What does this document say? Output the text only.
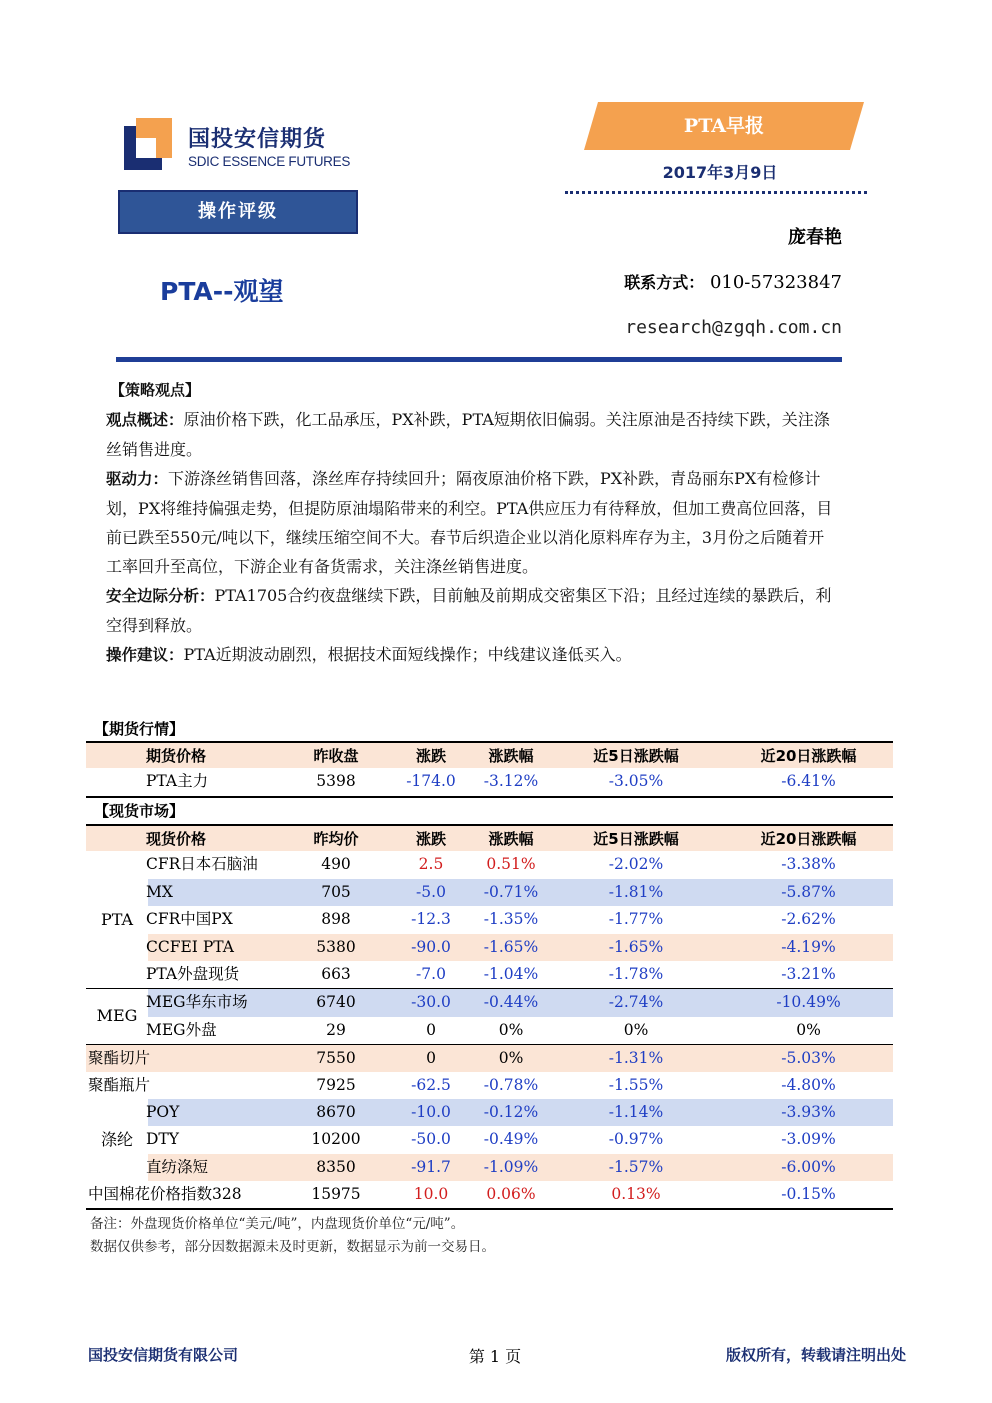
国投安信期货
SDIC ESSENCE FUTURES
PTA早报
2017年3月9日
操作评级
PTA--观望
庞春艳
联系方式： 010-57323847
research@zgqh.com.cn
【策略观点】

观点概述：原油价格下跌，化工品承压，PX补跌，PTA短期依旧偏弱。关注原油是否持续下跌，关注涤丝销售进度。

驱动力：下游涤丝销售回落，涤丝库存持续回升；隔夜原油价格下跌，PX补跌，青岛丽东PX有检修计划，PX将维持偏强走势，但提防原油塌陷带来的利空。PTA供应压力有待释放，但加工费高位回落，目前已跌至550元/吨以下，继续压缩空间不大。春节后织造企业以消化原料库存为主，3月份之后随着开工率回升至高位，下游企业有备货需求，关注涤丝销售进度。

安全边际分析：PTA1705合约夜盘继续下跌，目前触及前期成交密集区下沿；且经过连续的暴跌后，利空得到释放。

操作建议：PTA近期波动剧烈，根据技术面短线操作；中线建议逢低买入。

【期货行情】
期货价格	昨收盘	涨跌	涨跌幅	近5日涨跌幅	近20日涨跌幅
PTA主力	5398	-174.0	-3.12%	-3.05%	-6.41%
【现货市场】
现货价格	昨均价	涨跌	涨跌幅	近5日涨跌幅	近20日涨跌幅
PTA
CFR日本石脑油	490	2.5	0.51%	-2.02%	-3.38%
MX	705	-5.0	-0.71%	-1.81%	-5.87%
CFR中国PX	898	-12.3	-1.35%	-1.77%	-2.62%
CCFEI PTA	5380	-90.0	-1.65%	-1.65%	-4.19%
PTA外盘现货	663	-7.0	-1.04%	-1.78%	-3.21%
MEG
MEG华东市场	6740	-30.0	-0.44%	-2.74%	-10.49%
MEG外盘	29	0	0%	0%	0%
聚酯切片	7550	0	0%	-1.31%	-5.03%
聚酯瓶片	7925	-62.5	-0.78%	-1.55%	-4.80%
涤纶
POY	8670	-10.0	-0.12%	-1.14%	-3.93%
DTY	10200	-50.0	-0.49%	-0.97%	-3.09%
直纺涤短	8350	-91.7	-1.09%	-1.57%	-6.00%
中国棉花价格指数328	15975	10.0	0.06%	0.13%	-0.15%
备注：外盘现货价格单位“美元/吨”，内盘现货价单位“元/吨”。
数据仅供参考，部分因数据源未及时更新，数据显示为前一交易日。
国投安信期货有限公司	第 1 页	版权所有，转载请注明出处
